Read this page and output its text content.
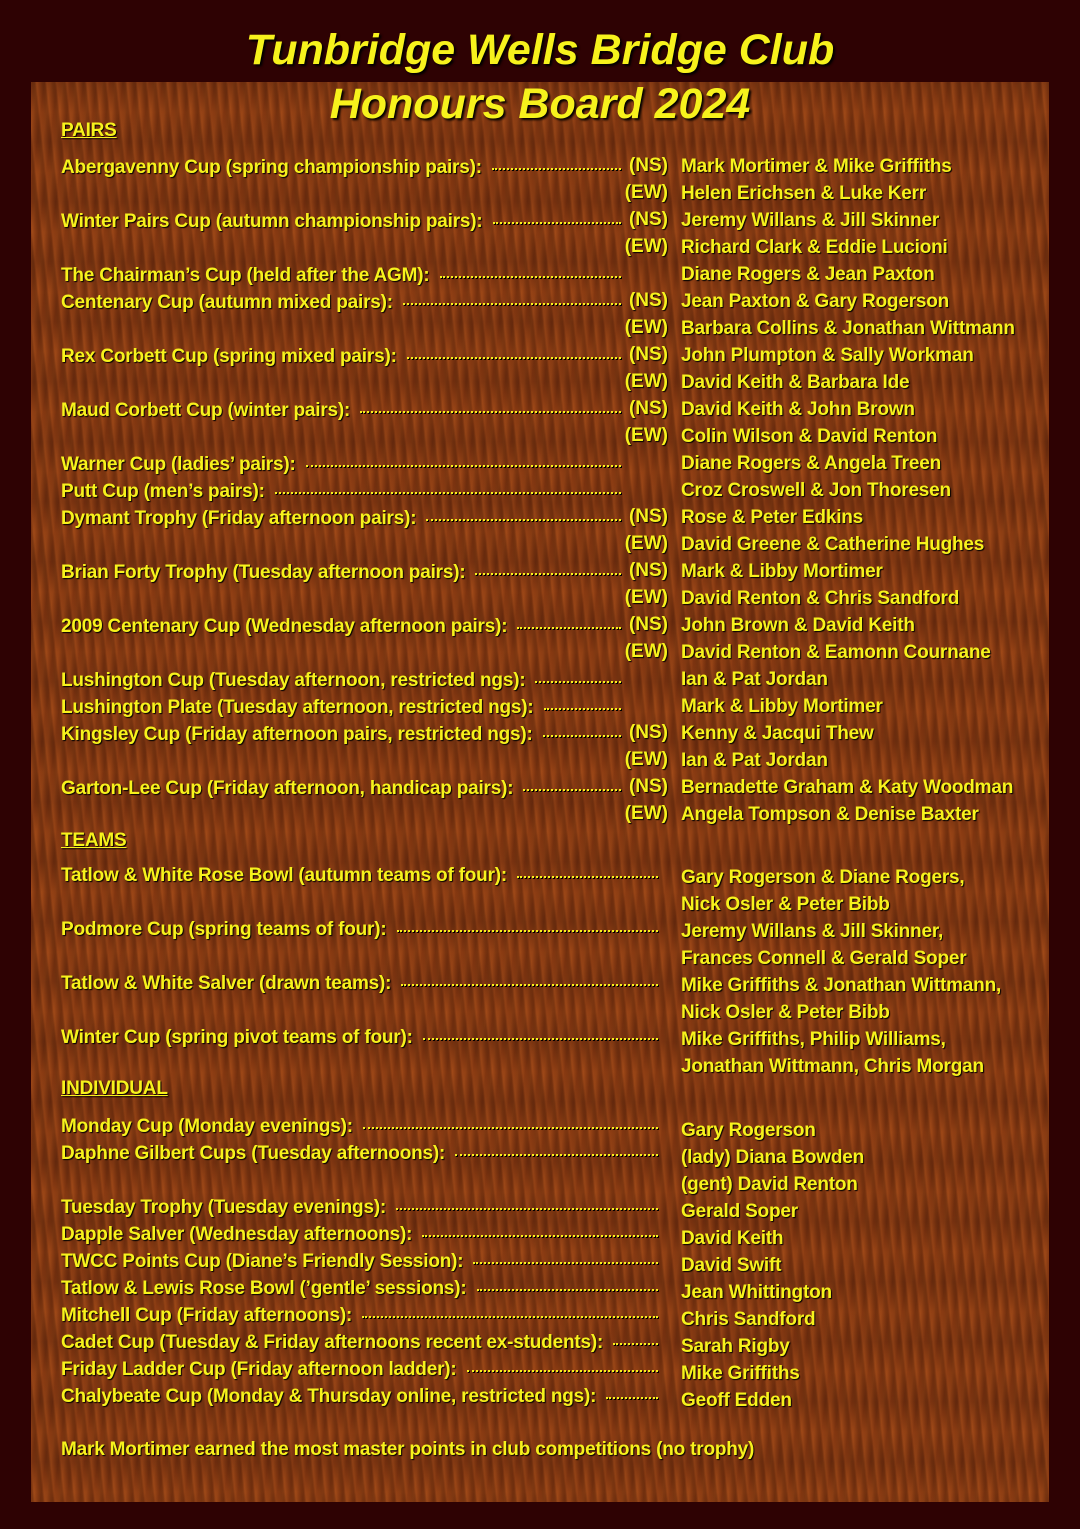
Tunbridge Wells Bridge Club
Honours Board 2024
PAIRS
Abergavenny Cup (spring championship pairs):	(NS) Mark Mortimer & Mike Griffiths
(EW) Helen Erichsen & Luke Kerr
Winter Pairs Cup (autumn championship pairs):	(NS) Jeremy Willans & Jill Skinner
(EW) Richard Clark & Eddie Lucioni
The Chairman’s Cup (held after the AGM):	Diane Rogers & Jean Paxton
Centenary Cup (autumn mixed pairs):	(NS) Jean Paxton & Gary Rogerson
(EW) Barbara Collins & Jonathan Wittmann
Rex Corbett Cup (spring mixed pairs):	(NS) John Plumpton & Sally Workman
(EW) David Keith & Barbara Ide
Maud Corbett Cup (winter pairs):	(NS) David Keith & John Brown
(EW) Colin Wilson & David Renton
Warner Cup (ladies’ pairs):	Diane Rogers & Angela Treen
Putt Cup (men’s pairs):	Croz Croswell & Jon Thoresen
Dymant Trophy (Friday afternoon pairs):	(NS) Rose & Peter Edkins
(EW) David Greene & Catherine Hughes
Brian Forty Trophy (Tuesday afternoon pairs):	(NS) Mark & Libby Mortimer
(EW) David Renton & Chris Sandford
2009 Centenary Cup (Wednesday afternoon pairs):	(NS) John Brown & David Keith
(EW) David Renton & Eamonn Cournane
Lushington Cup (Tuesday afternoon, restricted ngs):	Ian & Pat Jordan
Lushington Plate (Tuesday afternoon, restricted ngs):	Mark & Libby Mortimer
Kingsley Cup (Friday afternoon pairs, restricted ngs):	(NS) Kenny & Jacqui Thew
(EW) Ian & Pat Jordan
Garton-Lee Cup (Friday afternoon, handicap pairs):	(NS) Bernadette Graham & Katy Woodman
(EW) Angela Tompson & Denise Baxter
TEAMS
Tatlow & White Rose Bowl (autumn teams of four):	Gary Rogerson & Diane Rogers,
Nick Osler & Peter Bibb
Podmore Cup (spring teams of four):	Jeremy Willans & Jill Skinner,
Frances Connell & Gerald Soper
Tatlow & White Salver (drawn teams):	Mike Griffiths & Jonathan Wittmann,
Nick Osler & Peter Bibb
Winter Cup (spring pivot teams of four):	Mike Griffiths, Philip Williams,
Jonathan Wittmann, Chris Morgan
INDIVIDUAL
Monday Cup (Monday evenings):	Gary Rogerson
Daphne Gilbert Cups (Tuesday afternoons):	(lady) Diana Bowden
(gent) David Renton
Tuesday Trophy (Tuesday evenings):	Gerald Soper
Dapple Salver (Wednesday afternoons):	David Keith
TWCC Points Cup (Diane’s Friendly Session):	David Swift
Tatlow & Lewis Rose Bowl (’gentle’ sessions):	Jean Whittington
Mitchell Cup (Friday afternoons):	Chris Sandford
Cadet Cup (Tuesday & Friday afternoons recent ex-students):	Sarah Rigby
Friday Ladder Cup (Friday afternoon ladder):	Mike Griffiths
Chalybeate Cup (Monday & Thursday online, restricted ngs):	Geoff Edden
Mark Mortimer earned the most master points in club competitions (no trophy)
